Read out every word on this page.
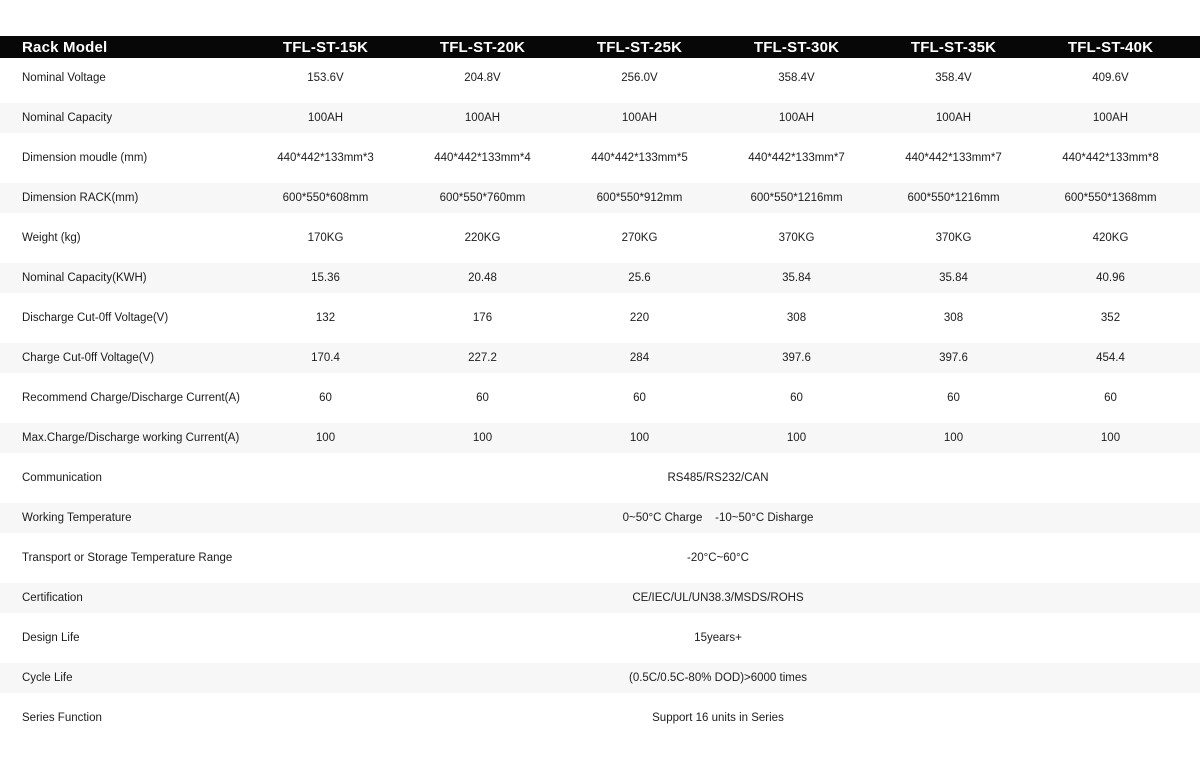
Rack Model	TFL-ST-15K	TFL-ST-20K	TFL-ST-25K	TFL-ST-30K	TFL-ST-35K	TFL-ST-40K
Nominal Voltage	153.6V	204.8V	256.0V	358.4V	358.4V	409.6V
Nominal Capacity	100AH	100AH	100AH	100AH	100AH	100AH
Dimension moudle (mm)	440*442*133mm*3	440*442*133mm*4	440*442*133mm*5	440*442*133mm*7	440*442*133mm*7	440*442*133mm*8
Dimension RACK(mm)	600*550*608mm	600*550*760mm	600*550*912mm	600*550*1216mm	600*550*1216mm	600*550*1368mm
Weight (kg)	170KG	220KG	270KG	370KG	370KG	420KG
Nominal Capacity(KWH)	15.36	20.48	25.6	35.84	35.84	40.96
Discharge Cut-0ff Voltage(V)	132	176	220	308	308	352
Charge Cut-0ff Voltage(V)	170.4	227.2	284	397.6	397.6	454.4
Recommend Charge/Discharge Current(A)	60	60	60	60	60	60
Max.Charge/Discharge working Current(A)	100	100	100	100	100	100
Communication	RS485/RS232/CAN
Working Temperature	0~50°C Charge    -10~50°C Disharge
Transport or Storage Temperature Range	-20°C~60°C
Certification	CE/IEC/UL/UN38.3/MSDS/ROHS
Design Life	15years+
Cycle Life	(0.5C/0.5C-80% DOD)>6000 times
Series Function	Support 16 units in Series
